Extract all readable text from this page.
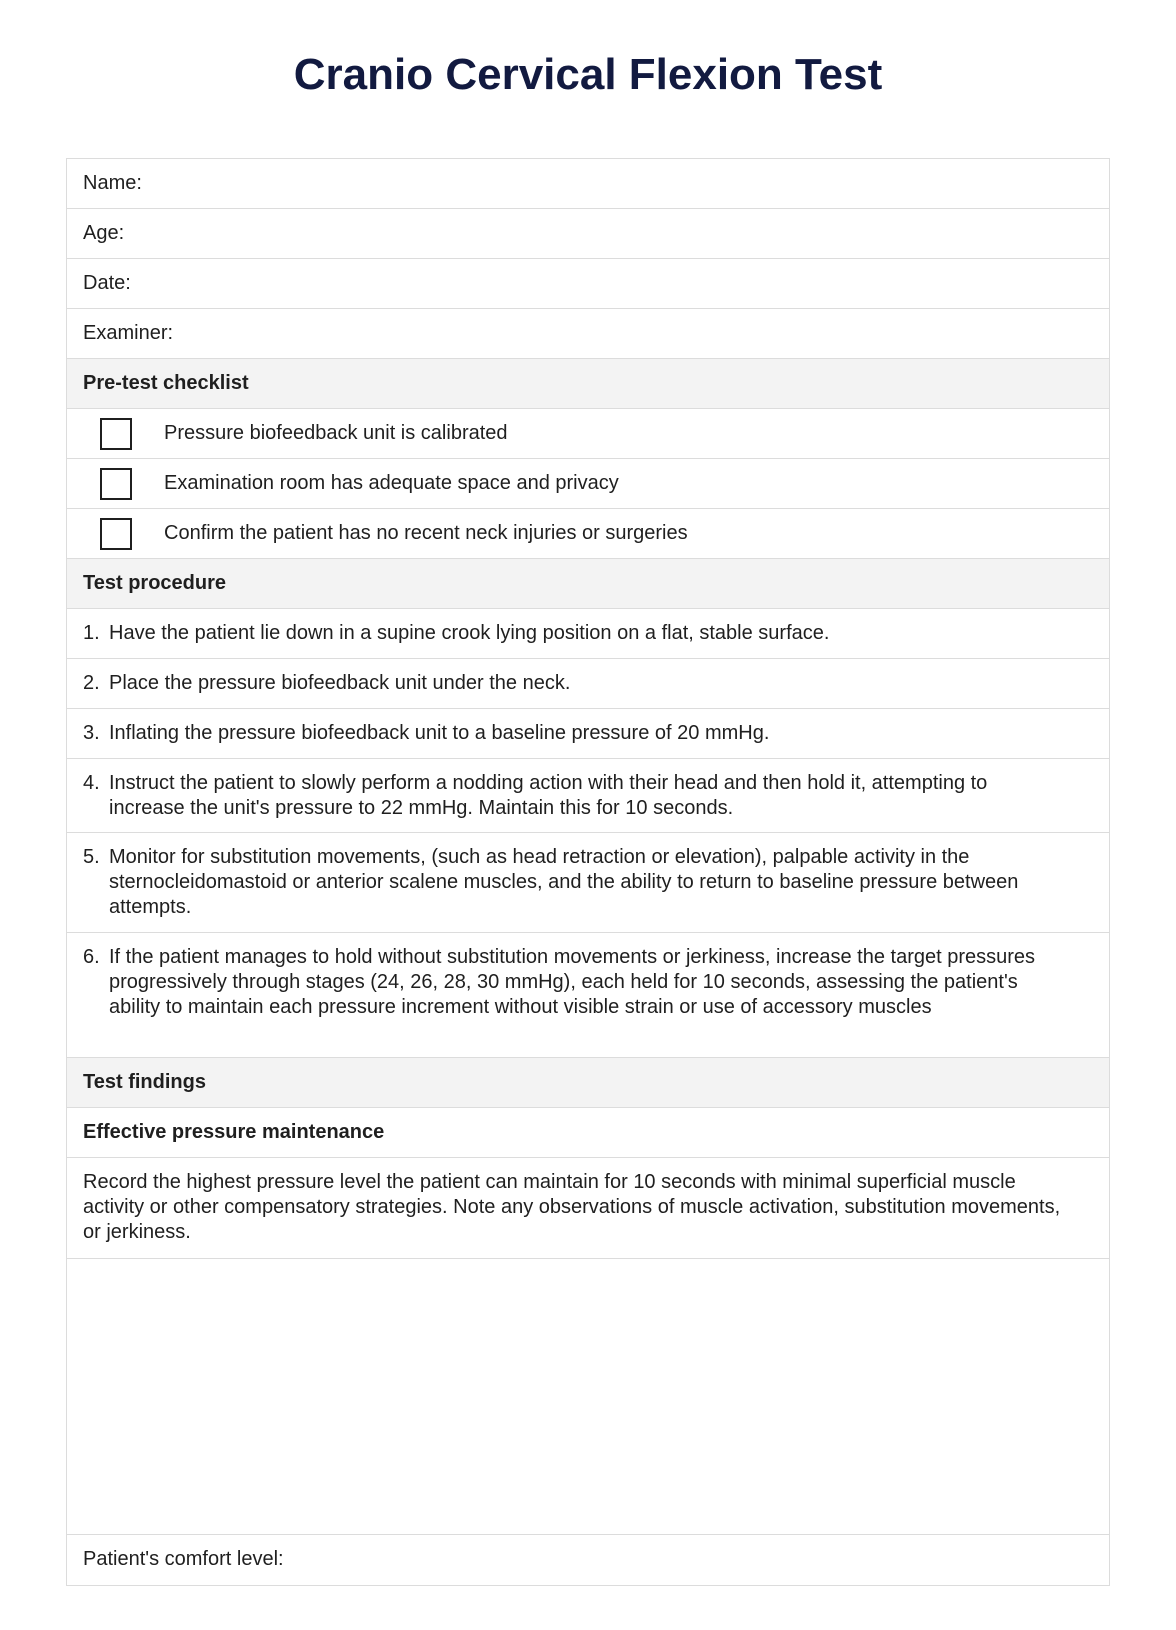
Cranio Cervical Flexion Test
Name:
Age:
Date:
Examiner:
Pre-test checklist
Pressure biofeedback unit is calibrated
Examination room has adequate space and privacy
Confirm the patient has no recent neck injuries or surgeries
Test procedure
1. Have the patient lie down in a supine crook lying position on a flat, stable surface.
2. Place the pressure biofeedback unit under the neck.
3. Inflating the pressure biofeedback unit to a baseline pressure of 20 mmHg.
4. Instruct the patient to slowly perform a nodding action with their head and then hold it, attempting to increase the unit's pressure to 22 mmHg. Maintain this for 10 seconds.
5. Monitor for substitution movements, (such as head retraction or elevation), palpable activity in the sternocleidomastoid or anterior scalene muscles, and the ability to return to baseline pressure between attempts.
6. If the patient manages to hold without substitution movements or jerkiness, increase the target pressures progressively through stages (24, 26, 28, 30 mmHg), each held for 10 seconds, assessing the patient's ability to maintain each pressure increment without visible strain or use of accessory muscles
Test findings
Effective pressure maintenance
Record the highest pressure level the patient can maintain for 10 seconds with minimal superficial muscle activity or other compensatory strategies. Note any observations of muscle activation, substitution movements, or jerkiness.
Patient's comfort level:
